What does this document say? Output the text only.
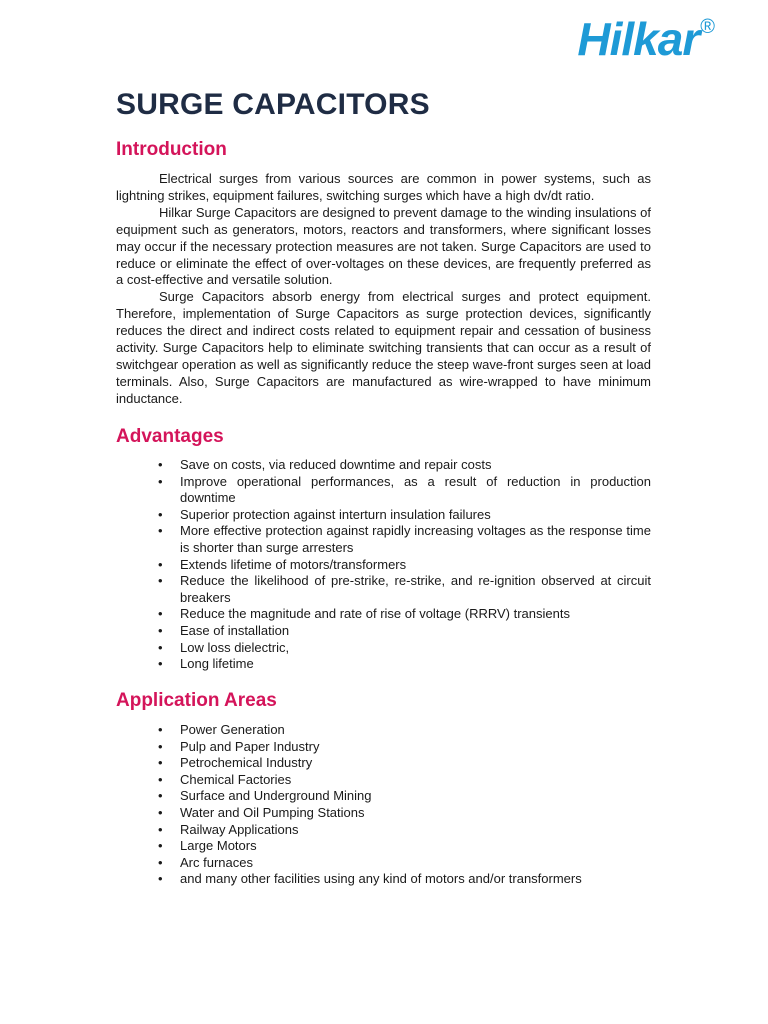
Hilkar®
SURGE CAPACITORS
Introduction

Electrical surges from various sources are common in power systems, such as lightning strikes, equipment failures, switching surges which have a high dv/dt ratio.

Hilkar Surge Capacitors are designed to prevent damage to the winding insulations of equipment such as generators, motors, reactors and transformers, where significant losses may occur if the necessary protection measures are not taken. Surge Capacitors are used to reduce or eliminate the effect of over-voltages on these devices, are frequently preferred as a cost-effective and versatile solution.

Surge Capacitors absorb energy from electrical surges and protect equipment. Therefore, implementation of Surge Capacitors as surge protection devices, significantly reduces the direct and indirect costs related to equipment repair and cessation of business activity. Surge Capacitors help to eliminate switching transients that can occur as a result of switchgear operation as well as significantly reduce the steep wave-front surges seen at load terminals. Also, Surge Capacitors are manufactured as wire-wrapped to have minimum inductance.

Advantages
• Save on costs, via reduced downtime and repair costs
• Improve operational performances, as a result of reduction in production downtime
• Superior protection against interturn insulation failures
• More effective protection against rapidly increasing voltages as the response time is shorter than surge arresters
• Extends lifetime of motors/transformers
• Reduce the likelihood of pre-strike, re-strike, and re-ignition observed at circuit breakers
• Reduce the magnitude and rate of rise of voltage (RRRV) transients
• Ease of installation
• Low loss dielectric,
• Long lifetime
Application Areas
• Power Generation
• Pulp and Paper Industry
• Petrochemical Industry
• Chemical Factories
• Surface and Underground Mining
• Water and Oil Pumping Stations
• Railway Applications
• Large Motors
• Arc furnaces
• and many other facilities using any kind of motors and/or transformers
